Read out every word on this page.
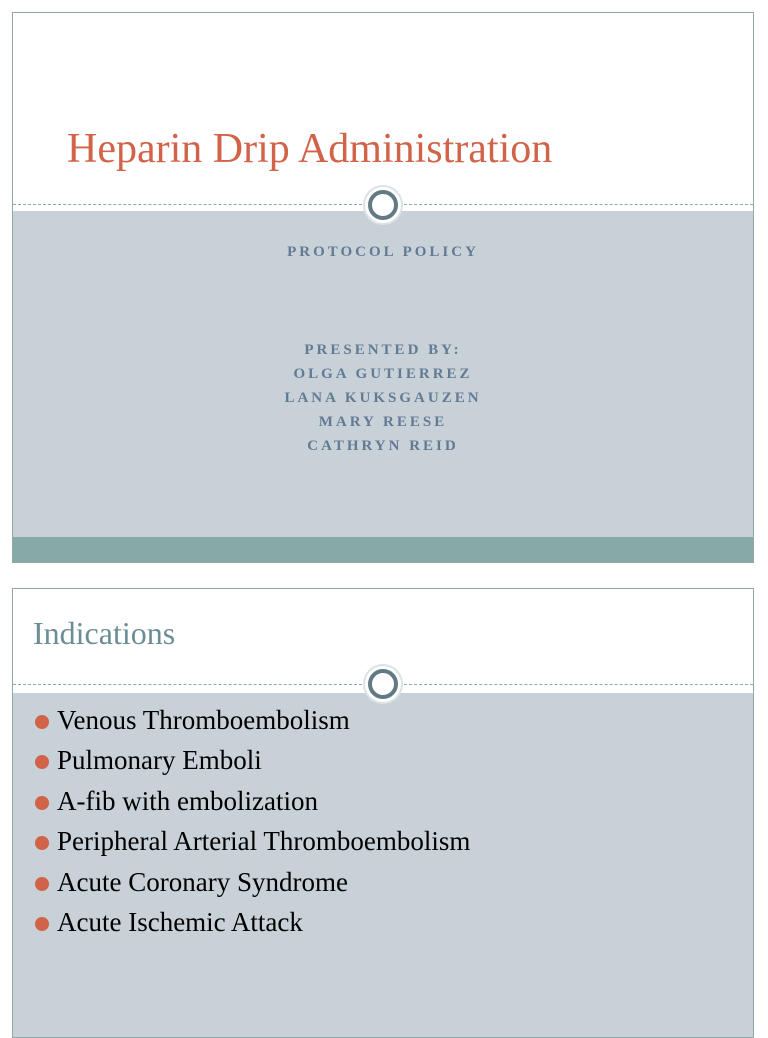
Heparin Drip Administration
PROTOCOL POLICY
PRESENTED BY:
OLGA GUTIERREZ
LANA KUKSGAUZEN
MARY REESE
CATHRYN REID
Indications
Venous Thromboembolism
Pulmonary Emboli
A-fib with embolization
Peripheral Arterial Thromboembolism
Acute Coronary Syndrome
Acute Ischemic Attack
